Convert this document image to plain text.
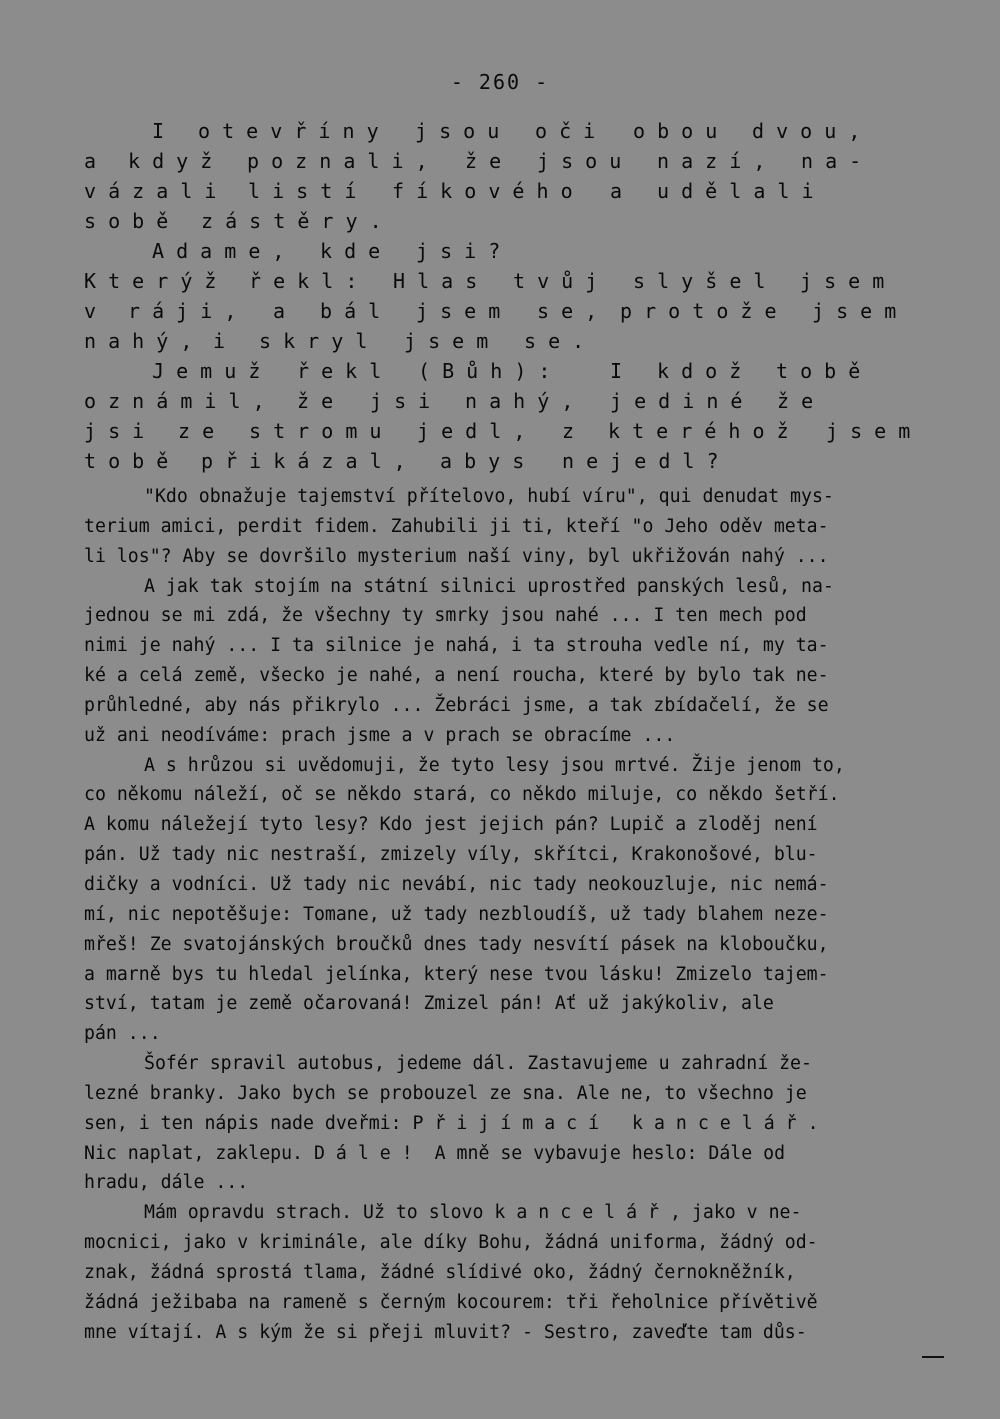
- 260 -
I o t e v ř í n y j s o u o č i o b o u d v o u ,
a k d y ž p o z n a l i , ž e j s o u n a z í , n a -
v á z a l i l i s t í f í k o v é h o a u d ě l a l i
s o b ě z á s t ě r y .
A d a m e , k d e j s i ?
K t e r ý ž ř e k l : H l a s t v ů j s l y š e l j s e m
v r á j i , a b á l j s e m s e , p r o t o ž e j s e m
n a h ý , i s k r y l j s e m s e .
J e m u ž ř e k l ( B ů h ) :	I k d o ž t o b ě
o z n á m i l , ž e j s i n a h ý , j e d i n é ž e
j s i z e s t r o m u j e d l , z k t e r é h o ž j s e m
t o b ě p ř i k á z a l , a b y s n e j e d l ?
"Kdo obnažuje tajemství přítelovo, hubí víru", qui denudat mys-
terium amici, perdit fidem. Zahubili ji ti, kteří "o Jeho oděv meta-
li los"? Aby se dovršilo mysterium naší viny, byl ukřižován nahý ...
A jak tak stojím na státní silnici uprostřed panských lesů, na-
jednou se mi zdá, že všechny ty smrky jsou nahé ... I ten mech pod
nimi je nahý ... I ta silnice je nahá, i ta strouha vedle ní, my ta-
ké a celá země, všecko je nahé, a není roucha, které by bylo tak ne-
průhledné, aby nás přikrylo ... Žebráci jsme, a tak zbídačelí, že se
už ani neodíváme: prach jsme a v prach se obracíme ...
A s hrůzou si uvědomuji, že tyto lesy jsou mrtvé. Žije jenom to,
co někomu náleží, oč se někdo stará, co někdo miluje, co někdo šetří.
A komu náležejí tyto lesy? Kdo jest jejich pán? Lupič a zloděj není
pán. Už tady nic nestraší, zmizely víly, skřítci, Krakonošové, blu-
dičky a vodníci. Už tady nic nevábí, nic tady neokouzluje, nic nemá-
mí, nic nepotěšuje: Tomane, už tady nezbloudíš, už tady blahem neze-
mřeš! Ze svatojánských broučků dnes tady nesvítí pásek na kloboučku,
a marně bys tu hledal jelínka, který nese tvou lásku! Zmizelo tajem-
ství, tatam je země očarovaná! Zmizel pán! Ať už jakýkoliv, ale
pán ...
Šofér spravil autobus, jedeme dál. Zastavujeme u zahradní že-
lezné branky. Jako bych se probouzel ze sna. Ale ne, to všechno je
sen, i ten nápis nade dveřmi: Přijímací kancelář.
Nic naplat, zaklepu. Dále! A mně se vybavuje heslo: Dále od
hradu, dále ...
Mám opravdu strach. Už to slovo kancelář, jako v ne-
mocnici, jako v kriminále, ale díky Bohu, žádná uniforma, žádný od-
znak, žádná sprostá tlama, žádné slídivé oko, žádný černokněžník,
žádná ježibaba na rameně s černým kocourem: tři řeholnice přívětivě
mne vítají. A s kým že si přeji mluvit? - Sestro, zaveďte tam důs-
